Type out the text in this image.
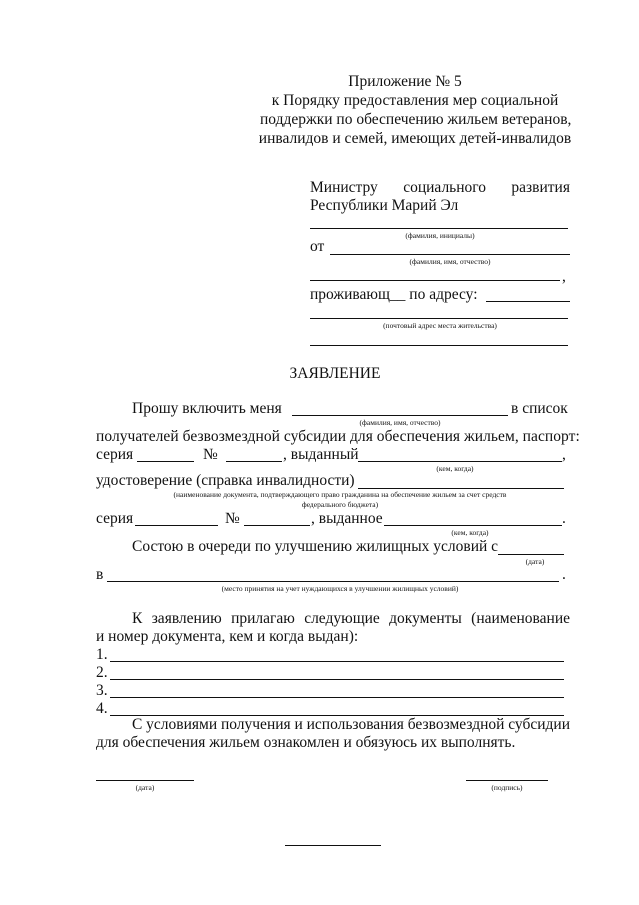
Приложение № 5
к Порядку предоставления мер социальной
поддержки по обеспечению жильем ветеранов,
инвалидов и семей, имеющих детей-инвалидов
Министру социального развития
Республики Марий Эл
(фамилия, инициалы)
от
(фамилия, имя, отчество)
,
проживающ__ по адресу:
(почтовый адрес места жительства)
ЗАЯВЛЕНИЕ
Прошу включить меня	в список
(фамилия, имя, отчество)
получателей безвозмездной субсидии для обеспечения жильем, паспорт:
серия	№	, выданный	,
(кем, когда)
удостоверение (справка инвалидности)
(наименование документа, подтверждающего право гражданина на обеспечение жильем за счет средств
федерального бюджета)
серия	№	, выданное	.
(кем, когда)
Состою в очереди по улучшению жилищных условий с
(дата)
в	.
(место принятия на учет нуждающихся в улучшении жилищных условий)
К заявлению прилагаю следующие документы (наименование
и номер документа, кем и когда выдан):
1.
2.
3.
4.
С условиями получения и использования безвозмездной субсидии
для обеспечения жильем ознакомлен и обязуюсь их выполнять.
(дата)	(подпись)
